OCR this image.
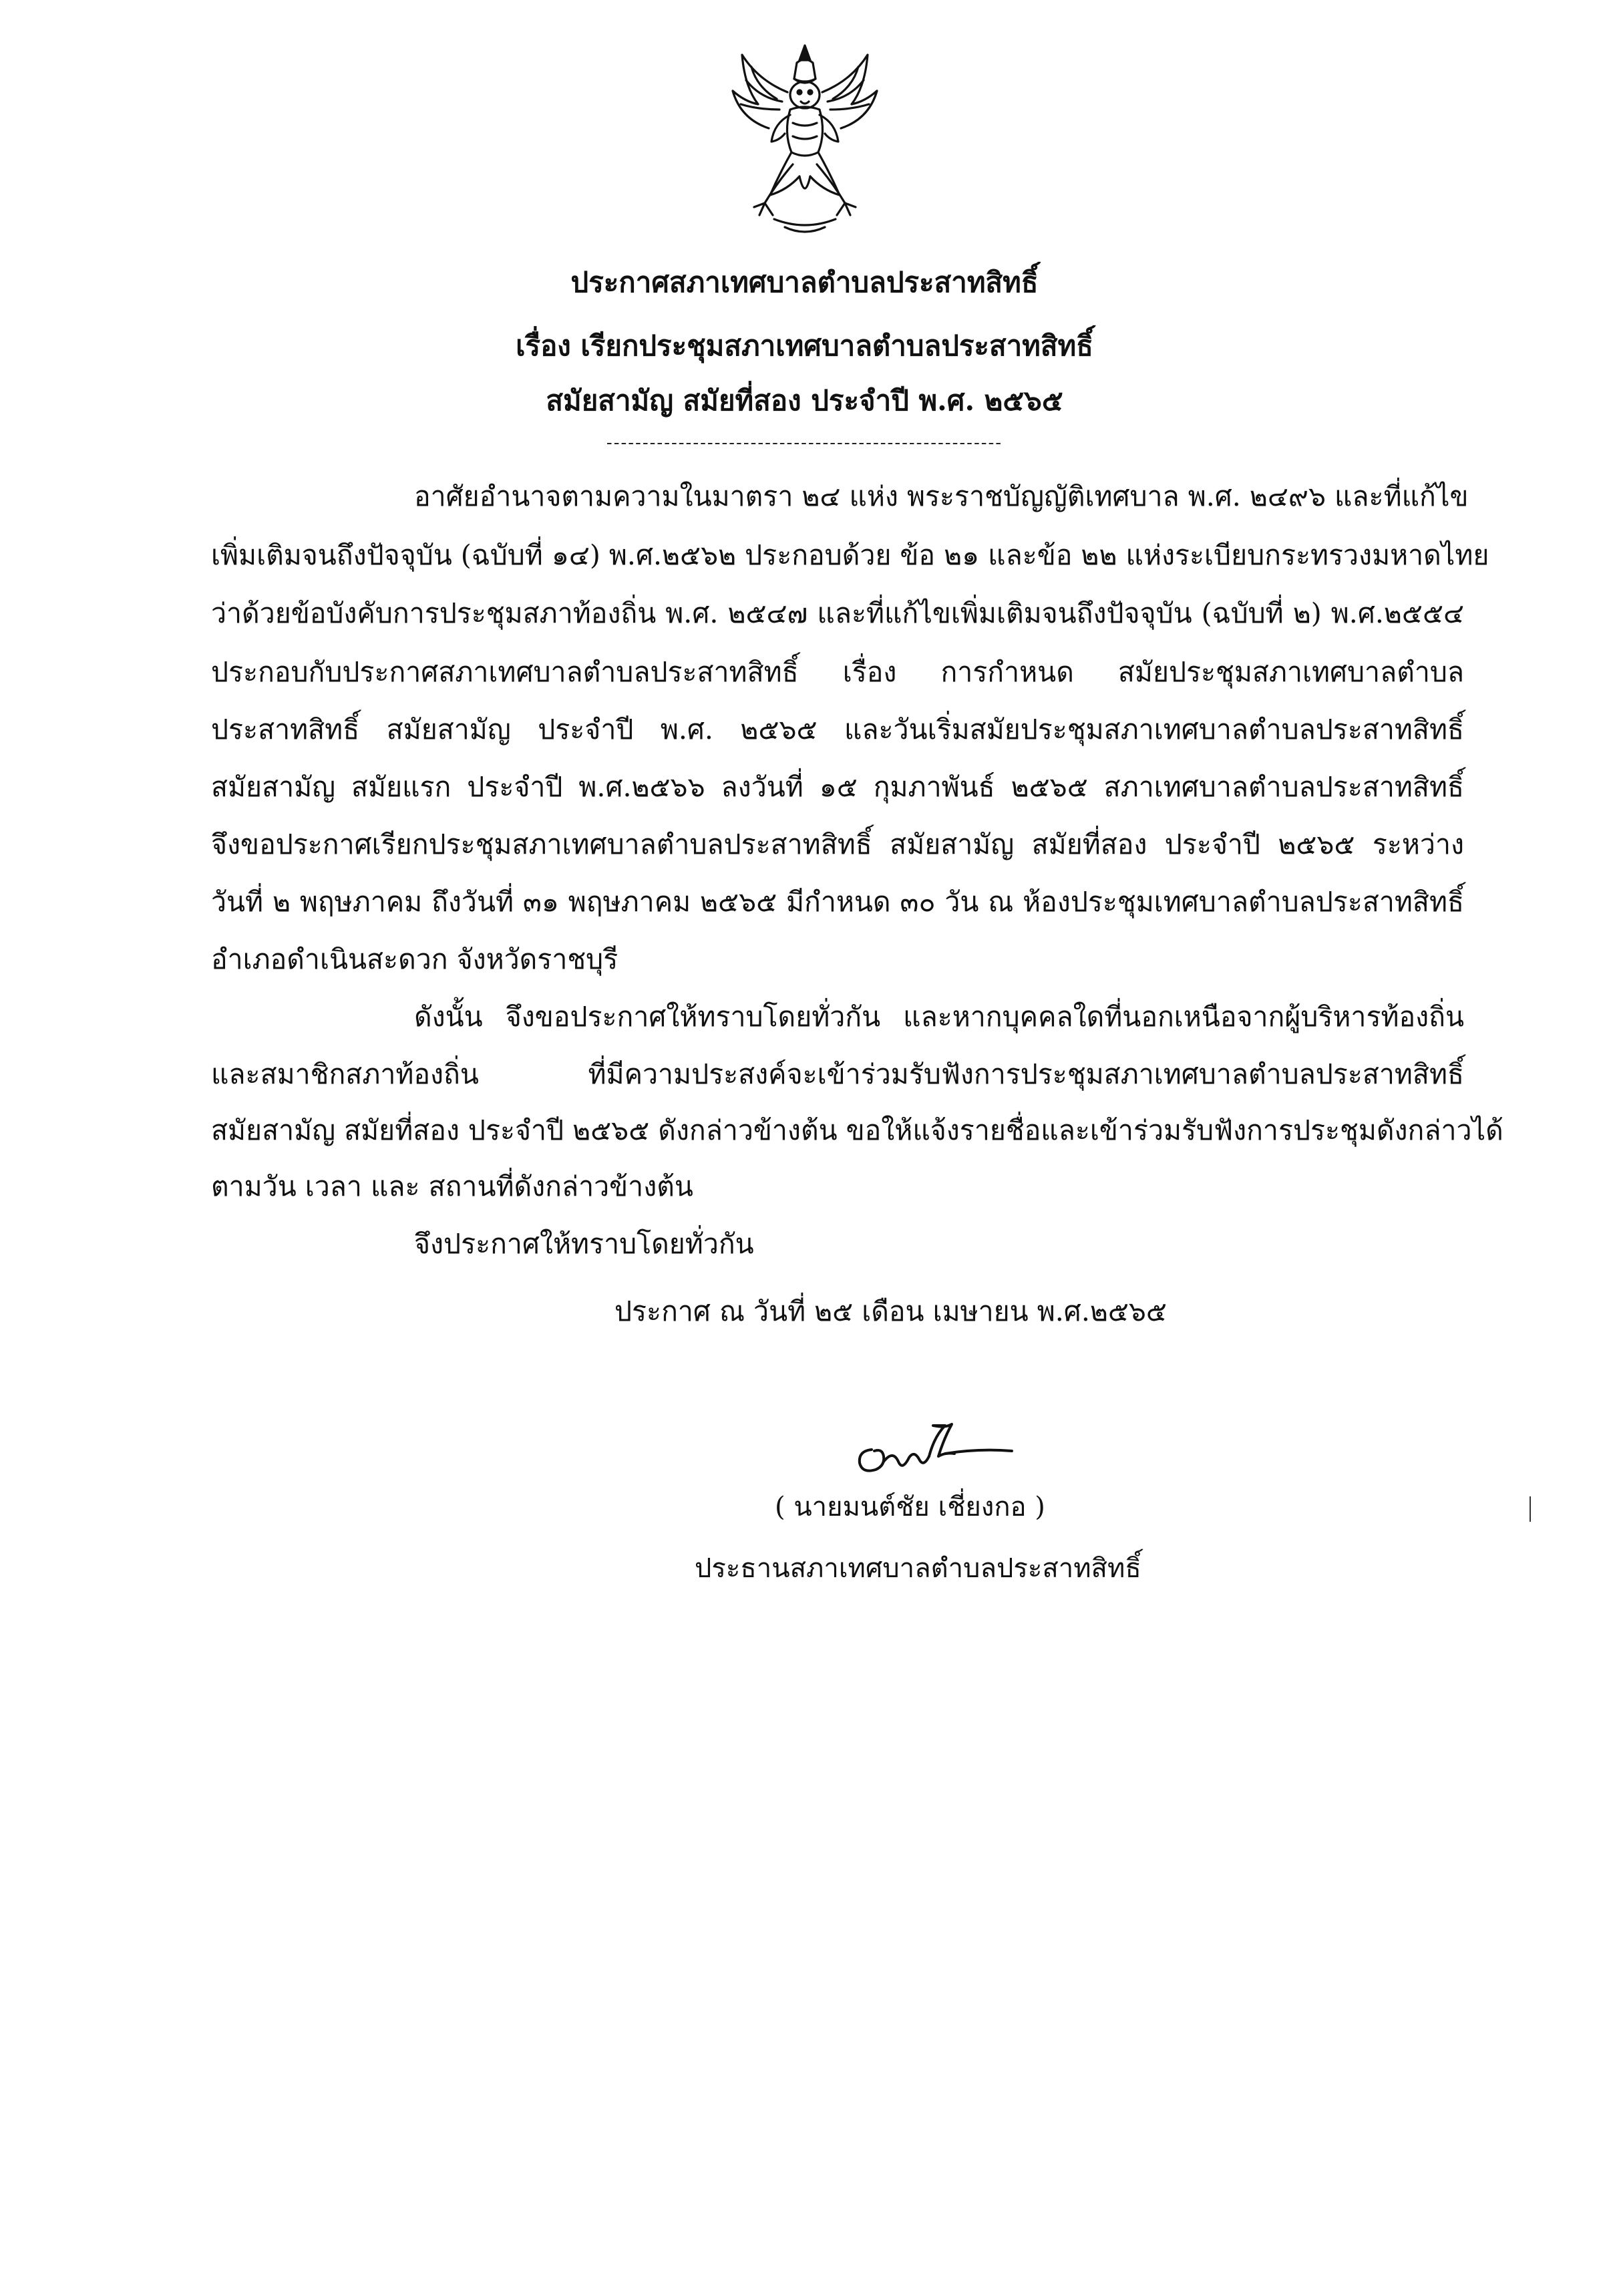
ประกาศสภาเทศบาลตำบลประสาทสิทธิ์
เรื่อง เรียกประชุมสภาเทศบาลตำบลประสาทสิทธิ์
สมัยสามัญ สมัยที่สอง ประจำปี พ.ศ. ๒๕๖๕
-------------------------------------------------------
อาศัยอำนาจตามความในมาตรา ๒๔ แห่ง พระราชบัญญัติเทศบาล พ.ศ. ๒๔๙๖ และที่แก้ไข
เพิ่มเติมจนถึงปัจจุบัน (ฉบับที่ ๑๔) พ.ศ.๒๕๖๒ ประกอบด้วย ข้อ ๒๑ และข้อ ๒๒ แห่งระเบียบกระทรวงมหาดไทย
ว่าด้วยข้อบังคับการประชุมสภาท้องถิ่น พ.ศ. ๒๕๔๗ และที่แก้ไขเพิ่มเติมจนถึงปัจจุบัน (ฉบับที่ ๒) พ.ศ.๒๕๕๔
ประกอบกับประกาศสภาเทศบาลตำบลประสาทสิทธิ์ เรื่อง การกำหนด สมัยประชุมสภาเทศบาลตำบล
ประสาทสิทธิ์ สมัยสามัญ ประจำปี พ.ศ. ๒๕๖๕ และวันเริ่มสมัยประชุมสภาเทศบาลตำบลประสาทสิทธิ์
สมัยสามัญ สมัยแรก ประจำปี พ.ศ.๒๕๖๖ ลงวันที่ ๑๕ กุมภาพันธ์ ๒๕๖๕ สภาเทศบาลตำบลประสาทสิทธิ์
จึงขอประกาศเรียกประชุมสภาเทศบาลตำบลประสาทสิทธิ์ สมัยสามัญ สมัยที่สอง ประจำปี ๒๕๖๕ ระหว่าง
วันที่ ๒ พฤษภาคม ถึงวันที่ ๓๑ พฤษภาคม ๒๕๖๕ มีกำหนด ๓๐ วัน ณ ห้องประชุมเทศบาลตำบลประสาทสิทธิ์
อำเภอดำเนินสะดวก จังหวัดราชบุรี
ดังนั้น จึงขอประกาศให้ทราบโดยทั่วกัน และหากบุคคลใดที่นอกเหนือจากผู้บริหารท้องถิ่น
และสมาชิกสภาท้องถิ่น ที่มีความประสงค์จะเข้าร่วมรับฟังการประชุมสภาเทศบาลตำบลประสาทสิทธิ์
สมัยสามัญ สมัยที่สอง ประจำปี ๒๕๖๕ ดังกล่าวข้างต้น ขอให้แจ้งรายชื่อและเข้าร่วมรับฟังการประชุมดังกล่าวได้
ตามวัน เวลา และ สถานที่ดังกล่าวข้างต้น
จึงประกาศให้ทราบโดยทั่วกัน
ประกาศ ณ วันที่ ๒๕ เดือน เมษายน พ.ศ.๒๕๖๕
( นายมนต์ชัย เชี่ยงกอ )
ประธานสภาเทศบาลตำบลประสาทสิทธิ์
